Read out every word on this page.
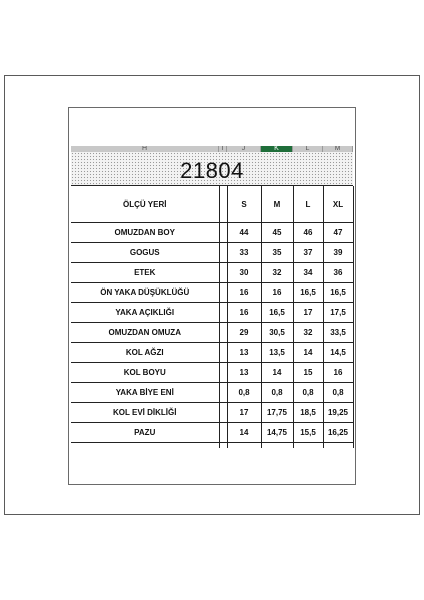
H	I	J	K	L	M
21804
ÖLÇÜ YERİ		S	M	L	XL
OMUZDAN BOY		44	45	46	47
GOGUS		33	35	37	39
ETEK		30	32	34	36
ÖN YAKA DÜŞÜKLÜĞÜ		16	16	16,5	16,5
YAKA AÇIKLIĞI		16	16,5	17	17,5
OMUZDAN OMUZA		29	30,5	32	33,5
KOL AĞZI		13	13,5	14	14,5
KOL BOYU		13	14	15	16
YAKA BİYE ENİ		0,8	0,8	0,8	0,8
KOL EVİ DİKLİĞİ		17	17,75	18,5	19,25
PAZU		14	14,75	15,5	16,25
